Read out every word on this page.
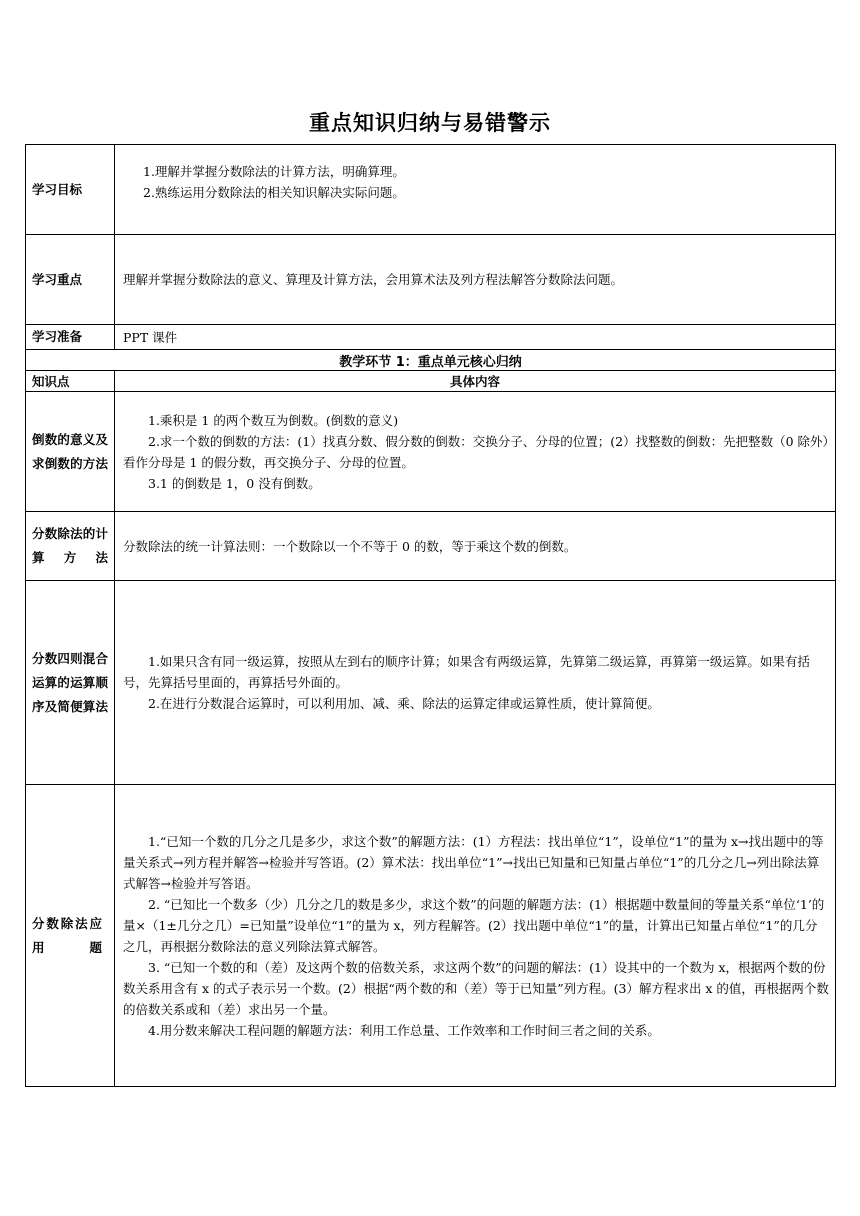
重点知识归纳与易错警示
学习目标	1.理解并掌握分数除法的计算方法，明确算理。

2.熟练运用分数除法的相关知识解决实际问题。

学习重点	理解并掌握分数除法的意义、算理及计算方法，会用算术法及列方程法解答分数除法问题。

学习准备	PPT 课件

教学环节 1：重点单元核心归纳	
知识点	具体内容
倒数的意义及求倒数的方法	1.乘积是 1 的两个数互为倒数。(倒数的意义)

2.求一个数的倒数的方法：(1）找真分数、假分数的倒数：交换分子、分母的位置；(2）找整数的倒数：先把整数（0 除外）看作分母是 1 的假分数，再交换分子、分母的位置。

3.1 的倒数是 1，0 没有倒数。

分数除法的计算方法	分数除法的统一计算法则：一个数除以一个不等于 0 的数，等于乘这个数的倒数。

分数四则混合运算的运算顺序及简便算法	1.如果只含有同一级运算，按照从左到右的顺序计算；如果含有两级运算，先算第二级运算，再算第一级运算。如果有括号，先算括号里面的，再算括号外面的。

2.在进行分数混合运算时，可以利用加、减、乘、除法的运算定律或运算性质，使计算简便。

分数除法应用题	1.“已知一个数的几分之几是多少，求这个数”的解题方法：(1）方程法：找出单位“1”，设单位“1”的量为 x→找出题中的等量关系式→列方程并解答→检验并写答语。(2）算术法：找出单位“1”→找出已知量和已知量占单位“1”的几分之几→列出除法算式解答→检验并写答语。

2. “已知比一个数多（少）几分之几的数是多少，求这个数”的问题的解题方法：(1）根据题中数量间的等量关系“单位‘1’的量×（1±几分之几）=已知量”设单位“1”的量为 x，列方程解答。(2）找出题中单位“1”的量，计算出已知量占单位“1”的几分之几，再根据分数除法的意义列除法算式解答。

3. “已知一个数的和（差）及这两个数的倍数关系，求这两个数”的问题的解法：(1）设其中的一个数为 x，根据两个数的份数关系用含有 x 的式子表示另一个数。(2）根据“两个数的和（差）等于已知量”列方程。(3）解方程求出 x 的值，再根据两个数的倍数关系或和（差）求出另一个量。

4.用分数来解决工程问题的解题方法：利用工作总量、工作效率和工作时间三者之间的关系。
